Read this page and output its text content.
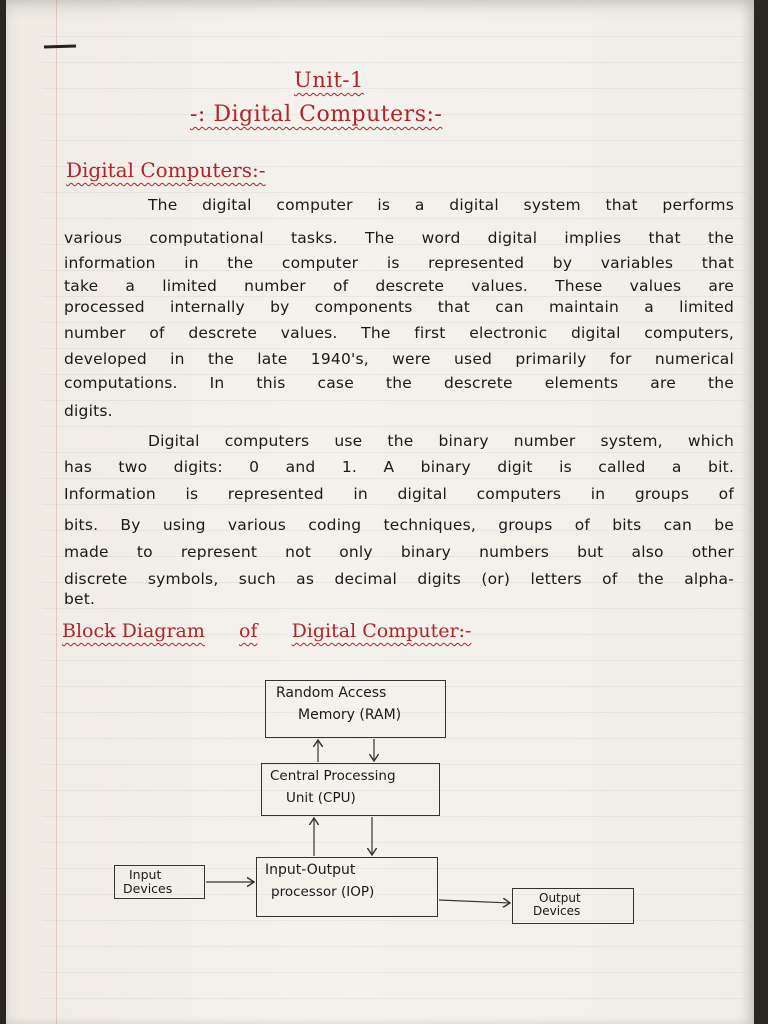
Unit-1
-: Digital Computers:-
Digital Computers:-
The digital computer is a digital system that performs
various computational tasks. The word digital implies that the
information in the computer is represented by variables that
take a limited number of descrete values. These values are
processed internally by components that can maintain a limited
number of descrete values. The first electronic digital computers,
developed in the late 1940's, were used primarily for numerical
computations. In this case the descrete elements are the
digits.
Digital computers use the binary number system, which
has two digits: 0 and 1. A binary digit is called a bit.
Information is represented in digital computers in groups of
bits. By using various coding techniques, groups of bits can be
made to represent not only binary numbers but also other
discrete symbols, such as decimal digits (or) letters of the alpha-
bet.
Block Diagram of Digital Computer:-
Random Access
Memory (RAM)
Central Processing
Unit (CPU)
Input-Output
processor (IOP)
Input
Devices
Output
Devices
